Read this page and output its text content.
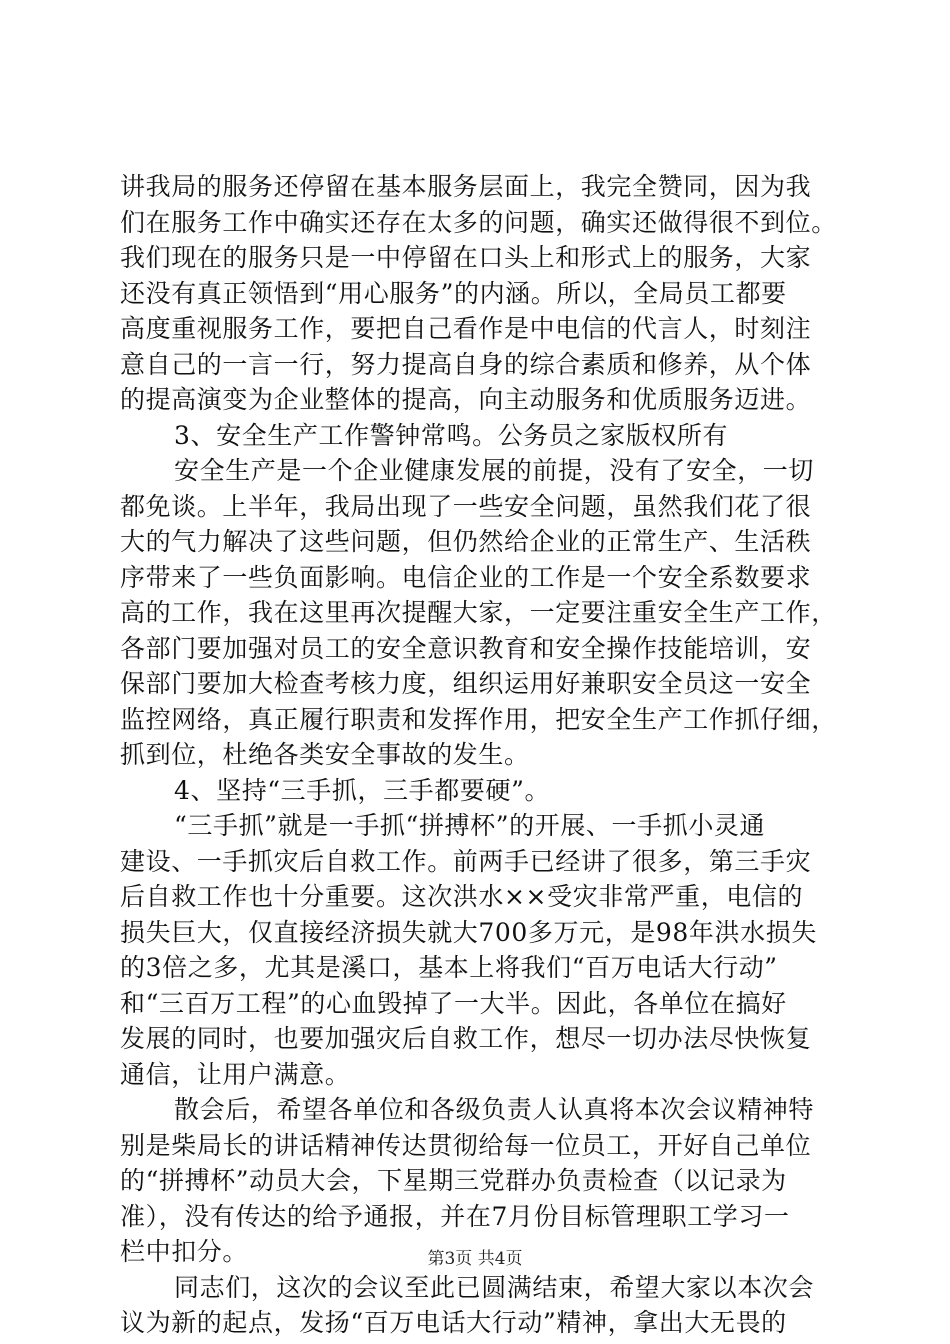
讲我局的服务还停留在基本服务层面上，我完全赞同，因为我
们在服务工作中确实还存在太多的问题，确实还做得很不到位。
我们现在的服务只是一中停留在口头上和形式上的服务，大家
还没有真正领悟到“用心服务”的内涵。所以，全局员工都要
高度重视服务工作，要把自己看作是中电信的代言人，时刻注
意自己的一言一行，努力提高自身的综合素质和修养，从个体
的提高演变为企业整体的提高，向主动服务和优质服务迈进。
3、安全生产工作警钟常鸣。公务员之家版权所有
安全生产是一个企业健康发展的前提，没有了安全，一切
都免谈。上半年，我局出现了一些安全问题，虽然我们花了很
大的气力解决了这些问题，但仍然给企业的正常生产、生活秩
序带来了一些负面影响。电信企业的工作是一个安全系数要求
高的工作，我在这里再次提醒大家，一定要注重安全生产工作，
各部门要加强对员工的安全意识教育和安全操作技能培训，安
保部门要加大检查考核力度，组织运用好兼职安全员这一安全
监控网络，真正履行职责和发挥作用，把安全生产工作抓仔细，
抓到位，杜绝各类安全事故的发生。
4、坚持“三手抓，三手都要硬”。
“三手抓”就是一手抓“拼搏杯”的开展、一手抓小灵通
建设、一手抓灾后自救工作。前两手已经讲了很多，第三手灾
后自救工作也十分重要。这次洪水××受灾非常严重，电信的
损失巨大，仅直接经济损失就大700多万元，是98年洪水损失
的3倍之多，尤其是溪口，基本上将我们“百万电话大行动”
和“三百万工程”的心血毁掉了一大半。因此，各单位在搞好
发展的同时，也要加强灾后自救工作，想尽一切办法尽快恢复
通信，让用户满意。
散会后，希望各单位和各级负责人认真将本次会议精神特
别是柴局长的讲话精神传达贯彻给每一位员工，开好自己单位
的“拼搏杯”动员大会，下星期三党群办负责检查（以记录为
准），没有传达的给予通报，并在7月份目标管理职工学习一
栏中扣分。
同志们，这次的会议至此已圆满结束，希望大家以本次会
议为新的起点，发扬“百万电话大行动”精神，拿出大无畏的
第3页 共4页
